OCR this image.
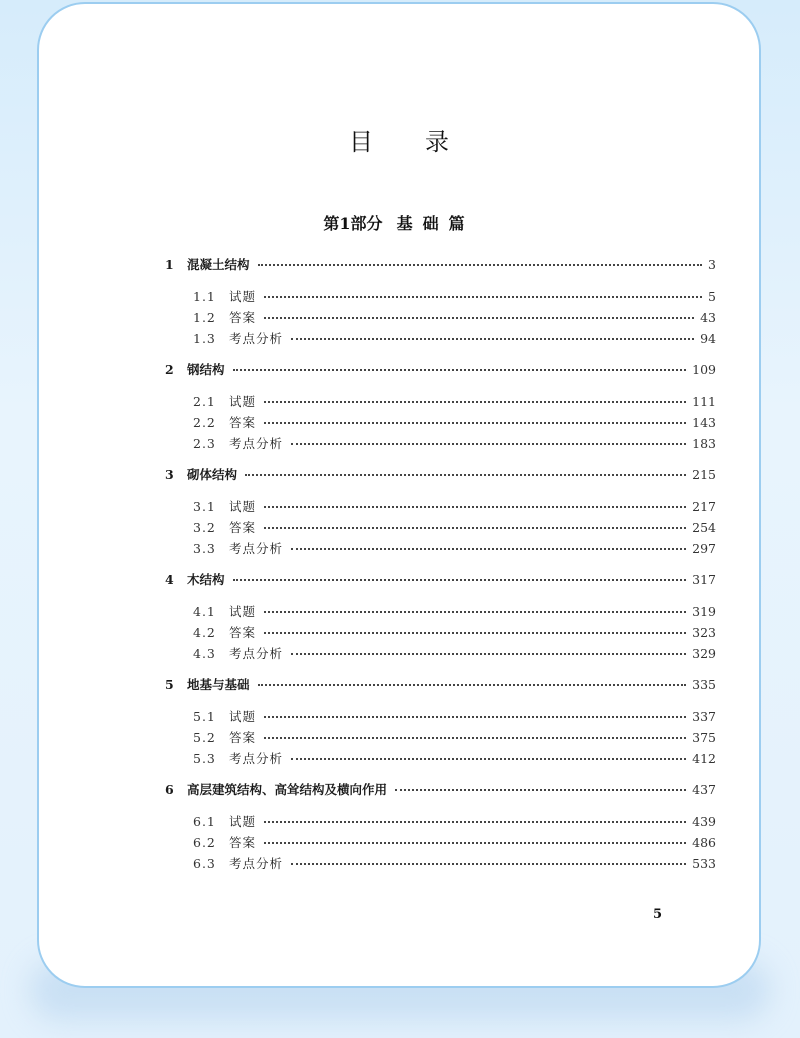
目录
第1部分 基础篇
1	混凝土结构	3
1.1	试题	5
1.2	答案	43
1.3	考点分析	94
2	钢结构	109
2.1	试题	111
2.2	答案	143
2.3	考点分析	183
3	砌体结构	215
3.1	试题	217
3.2	答案	254
3.3	考点分析	297
4	木结构	317
4.1	试题	319
4.2	答案	323
4.3	考点分析	329
5	地基与基础	335
5.1	试题	337
5.2	答案	375
5.3	考点分析	412
6	高层建筑结构、高耸结构及横向作用	437
6.1	试题	439
6.2	答案	486
6.3	考点分析	533
5
